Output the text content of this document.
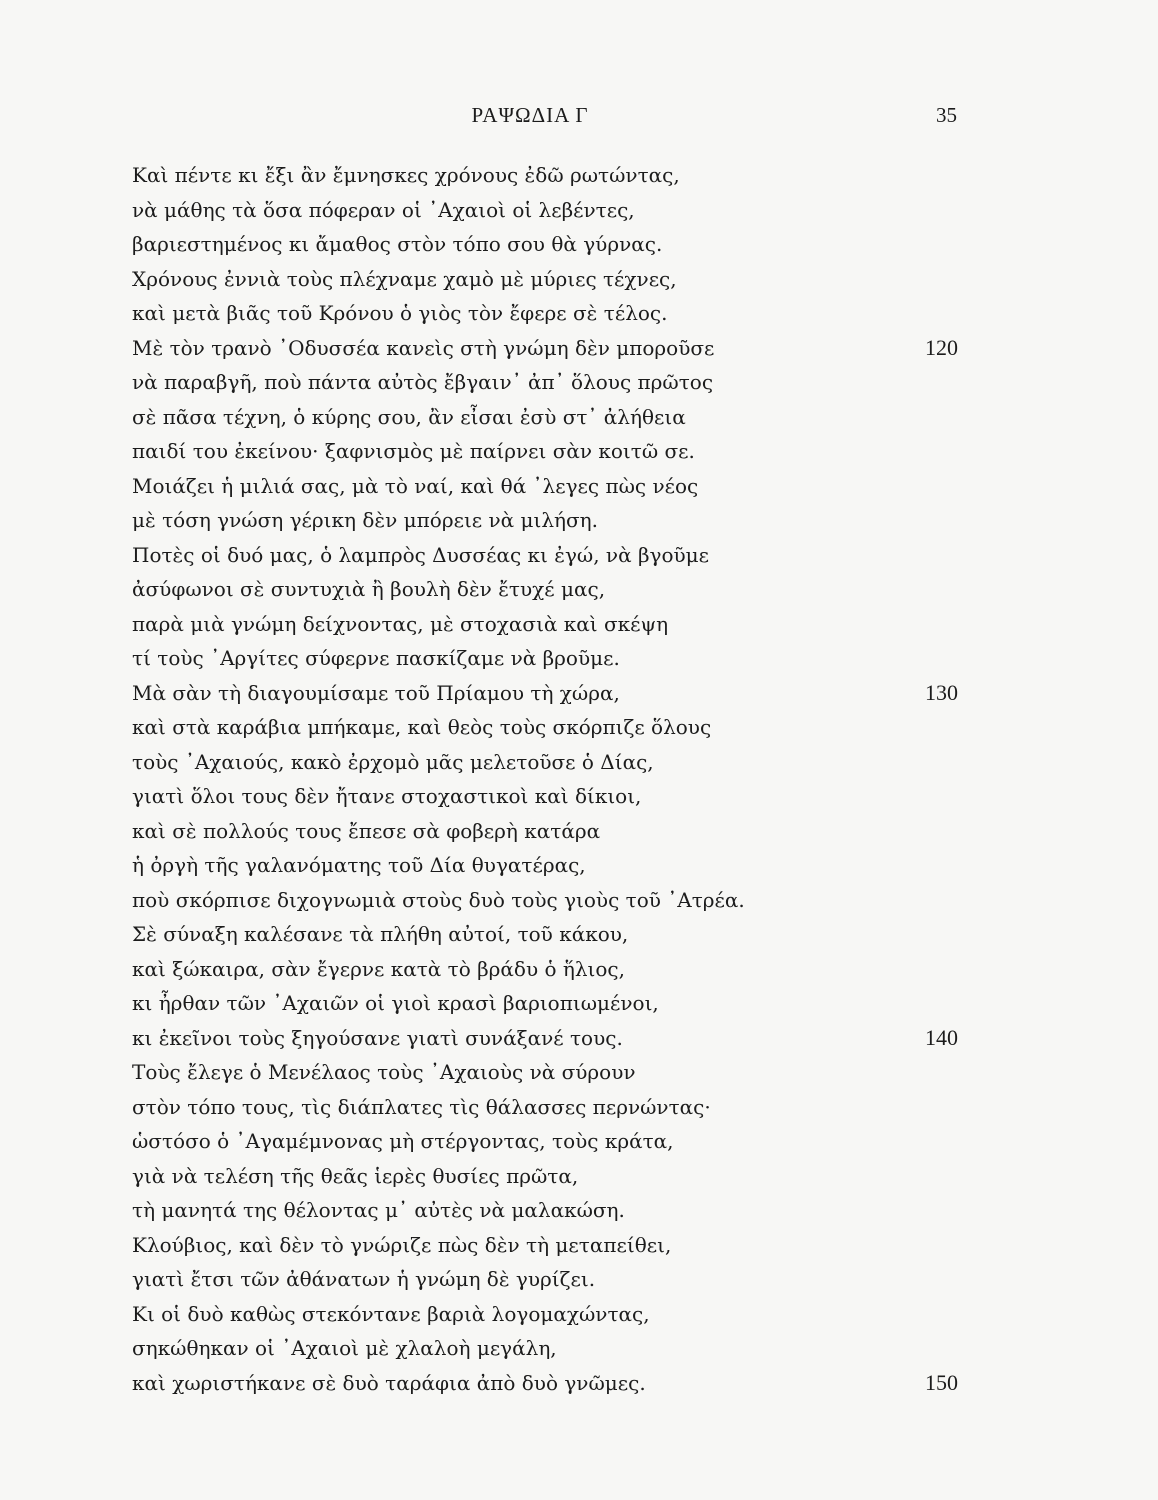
ΡΑΨΩΔΙΑ Γ	35
Καὶ πέντε κι ἔξι ἂν ἔμνησκες χρόνους ἐδῶ ρωτώντας,
νὰ μάθης τὰ ὅσα πόφεραν οἱ ᾿Αχαιοὶ οἱ λεβέντες,
βαριεστημένος κι ἄμαθος στὸν τόπο σου θὰ γύρνας.
Χρόνους ἐννιὰ τοὺς πλέχναμε χαμὸ μὲ μύριες τέχνες,
καὶ μετὰ βιᾶς τοῦ Κρόνου ὁ γιὸς τὸν ἔφερε σὲ τέλος.
Μὲ τὸν τρανὸ ᾿Οδυσσέα κανεὶς στὴ γνώμη δὲν μποροῦσε	120
νὰ παραβγῆ, ποὺ πάντα αὐτὸς ἔβγαιν᾿ ἀπ᾿ ὅλους πρῶτος
σὲ πᾶσα τέχνη, ὁ κύρης σου, ἂν εἶσαι ἐσὺ στ᾿ ἀλήθεια
παιδί του ἐκείνου· ξαφνισμὸς μὲ παίρνει σὰν κοιτῶ σε.
Μοιάζει ἡ μιλιά σας, μὰ τὸ ναί, καὶ θά ᾿λεγες πὼς νέος
μὲ τόση γνώση γέρικη δὲν μπόρειε νὰ μιλήση.
Ποτὲς οἱ δυό μας, ὁ λαμπρὸς Δυσσέας κι ἐγώ, νὰ βγοῦμε
ἀσύφωνοι σὲ συντυχιὰ ἢ βουλὴ δὲν ἔτυχέ μας,
παρὰ μιὰ γνώμη δείχνοντας, μὲ στοχασιὰ καὶ σκέψη
τί τοὺς ᾿Αργίτες σύφερνε πασκίζαμε νὰ βροῦμε.
Μὰ σὰν τὴ διαγουμίσαμε τοῦ Πρίαμου τὴ χώρα,	130
καὶ στὰ καράβια μπήκαμε, καὶ θεὸς τοὺς σκόρπιζε ὅλους
τοὺς ᾿Αχαιούς, κακὸ ἐρχομὸ μᾶς μελετοῦσε ὁ Δίας,
γιατὶ ὅλοι τους δὲν ἤτανε στοχαστικοὶ καὶ δίκιοι,
καὶ σὲ πολλούς τους ἔπεσε σὰ φοβερὴ κατάρα
ἡ ὀργὴ τῆς γαλανόματης τοῦ Δία θυγατέρας,
ποὺ σκόρπισε διχογνωμιὰ στοὺς δυὸ τοὺς γιοὺς τοῦ ᾿Ατρέα.
Σὲ σύναξη καλέσανε τὰ πλήθη αὐτοί, τοῦ κάκου,
καὶ ξώκαιρα, σὰν ἔγερνε κατὰ τὸ βράδυ ὁ ἥλιος,
κι ἦρθαν τῶν ᾿Αχαιῶν οἱ γιοὶ κρασὶ βαριοπιωμένοι,
κι ἐκεῖνοι τοὺς ξηγούσανε γιατὶ συνάξανέ τους.	140
Τοὺς ἔλεγε ὁ Μενέλαος τοὺς ᾿Αχαιοὺς νὰ σύρουν
στὸν τόπο τους, τὶς διάπλατες τὶς θάλασσες περνώντας·
ὡστόσο ὁ ᾿Αγαμέμνονας μὴ στέργοντας, τοὺς κράτα,
γιὰ νὰ τελέση τῆς θεᾶς ἱερὲς θυσίες πρῶτα,
τὴ μανητά της θέλοντας μ᾿ αὐτὲς νὰ μαλακώση.
Κλούβιος, καὶ δὲν τὸ γνώριζε πὼς δὲν τὴ μεταπείθει,
γιατὶ ἔτσι τῶν ἀθάνατων ἡ γνώμη δὲ γυρίζει.
Κι οἱ δυὸ καθὼς στεκόντανε βαριὰ λογομαχώντας,
σηκώθηκαν οἱ ᾿Αχαιοὶ μὲ χλαλοὴ μεγάλη,
καὶ χωριστήκανε σὲ δυὸ ταράφια ἀπὸ δυὸ γνῶμες.	150
